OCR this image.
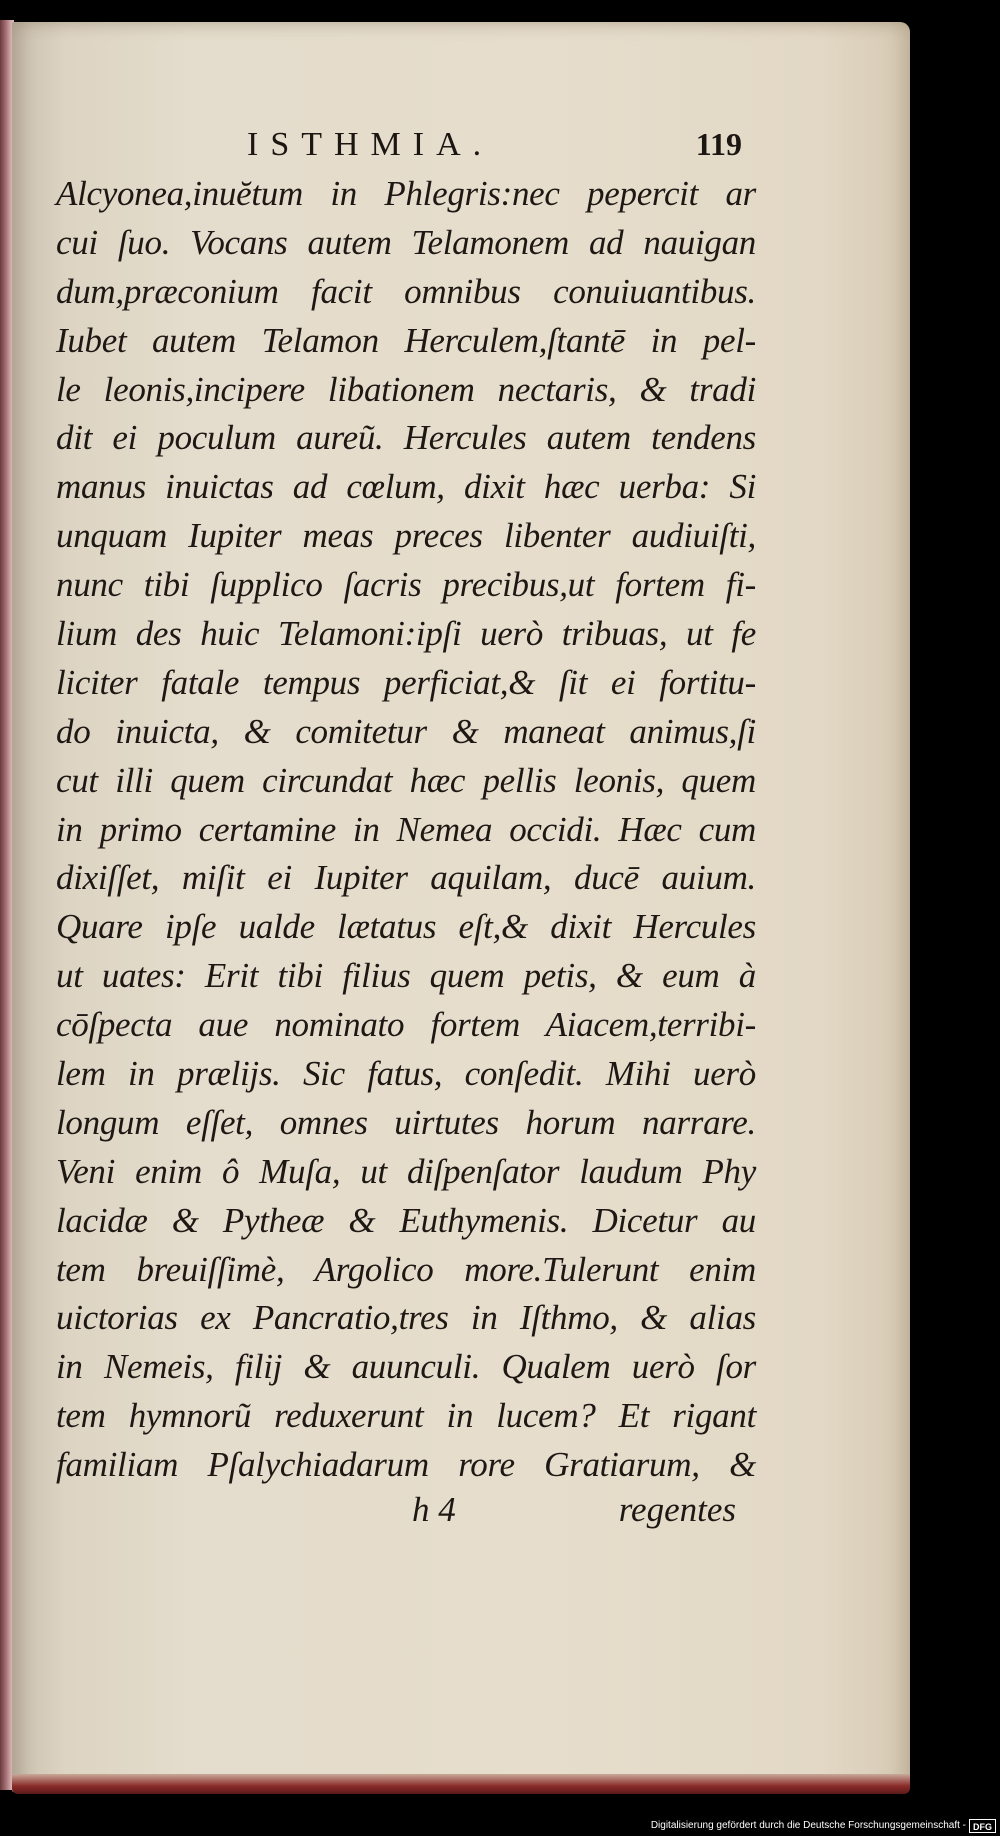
ISTHMIA.	119
Alcyonea,inuĕtum in Phlegris:nec pepercit ar
cui ſuo. Vocans autem Telamonem ad nauigan
dum,præconium facit omnibus conuiuantibus.
Iubet autem Telamon Herculem,ſtantē in pel-
le leonis,incipere libationem nectaris, & tradi
dit ei poculum aureũ. Hercules autem tendens
manus inuictas ad cœlum, dixit hæc uerba: Si
unquam Iupiter meas preces libenter audiuiſti,
nunc tibi ſupplico ſacris precibus,ut fortem fi-
lium des huic Telamoni:ipſi uerò tribuas, ut fe
liciter fatale tempus perficiat,& ſit ei fortitu-
do inuicta, & comitetur & maneat animus,ſi
cut illi quem circundat hæc pellis leonis, quem
in primo certamine in Nemea occidi. Hæc cum
dixiſſet, miſit ei Iupiter aquilam, ducē auium.
Quare ipſe ualde lætatus eſt,& dixit Hercules
ut uates: Erit tibi filius quem petis, & eum à
cōſpecta aue nominato fortem Aiacem,terribi-
lem in prælijs. Sic fatus, conſedit. Mihi uerò
longum eſſet, omnes uirtutes horum narrare.
Veni enim ô Muſa, ut diſpenſator laudum Phy
lacidæ & Pytheæ & Euthymenis. Dicetur au
tem breuiſſimè, Argolico more.Tulerunt enim
uictorias ex Pancratio,tres in Iſthmo, & alias
in Nemeis, filij & auunculi. Qualem uerò ſor
tem hymnorũ reduxerunt in lucem? Et rigant
familiam Pſalychiadarum rore Gratiarum, &
h 4	regentes
Digitalisierung gefördert durch die Deutsche Forschungsgemeinschaft - DFG
